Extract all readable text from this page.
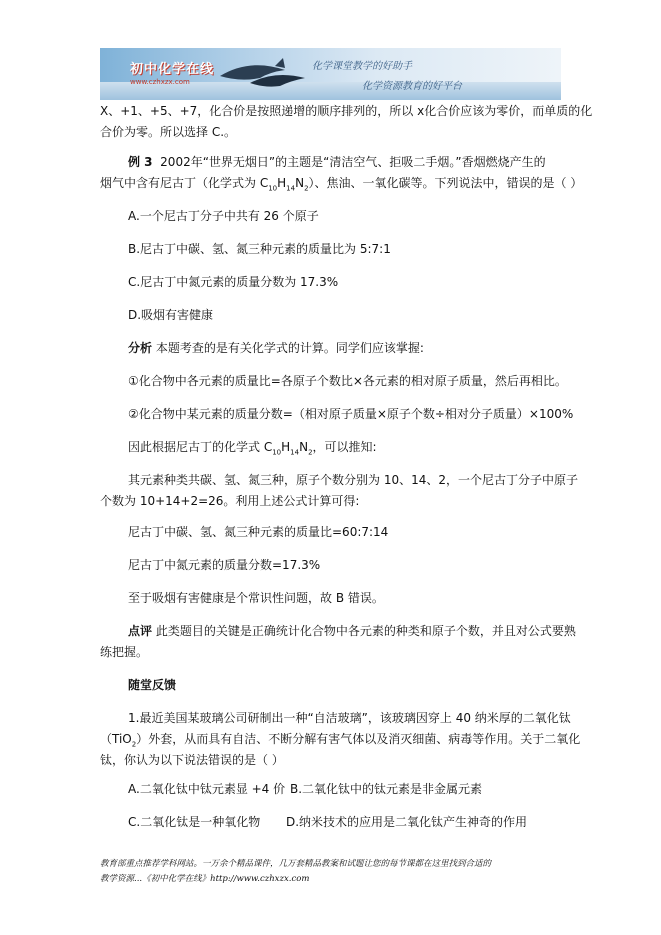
初中化学在线
www.czhxzx.com
化学课堂教学的好助手
化学资源教育的好平台

X、+1、+5、+7，化合价是按照递增的顺序排列的，所以 x化合价应该为零价，而单质的化

合价为零。所以选择 C.。

例 3 2002年“世界无烟日”的主题是“清洁空气、拒吸二手烟。”香烟燃烧产生的

烟气中含有尼古丁（化学式为 $C_{10}H_{14}N_2$）、焦油、一氧化碳等。下列说法中，错误的是（ ）

A.一个尼古丁分子中共有 26 个原子

B.尼古丁中碳、氢、氮三种元素的质量比为 5:7:1

C.尼古丁中氮元素的质量分数为 17.3%

D.吸烟有害健康

分析 本题考查的是有关化学式的计算。同学们应该掌握:

①化合物中各元素的质量比=各原子个数比×各元素的相对原子质量，然后再相比。

②化合物中某元素的质量分数=（相对原子质量×原子个数÷相对分子质量）×100%

因此根据尼古丁的化学式 $C_{10}H_{14}N_2$，可以推知:

其元素种类共碳、氢、氮三种，原子个数分别为 10、14、2，一个尼古丁分子中原子

个数为 10+14+2=26。利用上述公式计算可得:

尼古丁中碳、氢、氮三种元素的质量比=60:7:14

尼古丁中氮元素的质量分数=17.3%

至于吸烟有害健康是个常识性问题，故 B 错误。

点评 此类题目的关键是正确统计化合物中各元素的种类和原子个数，并且对公式要熟

练把握。

随堂反馈

1.最近美国某玻璃公司研制出一种“自洁玻璃”，该玻璃因穿上 40 纳米厚的二氧化钛

（TiO$_2$）外套，从而具有自洁、不断分解有害气体以及消灭细菌、病毒等作用。关于二氧化

钛，你认为以下说法错误的是（ ）

A.二氧化钛中钛元素显 +4 价 B.二氧化钛中的钛元素是非金属元素

C.二氧化钛是一种氧化物	D.纳米技术的应用是二氧化钛产生神奇的作用

教育部重点推荐学科网站。一万余个精品课件，几万套精品教案和试题让您的每节课都在这里找到合适的
教学资源...《初中化学在线》http://www.czhxzx.com
